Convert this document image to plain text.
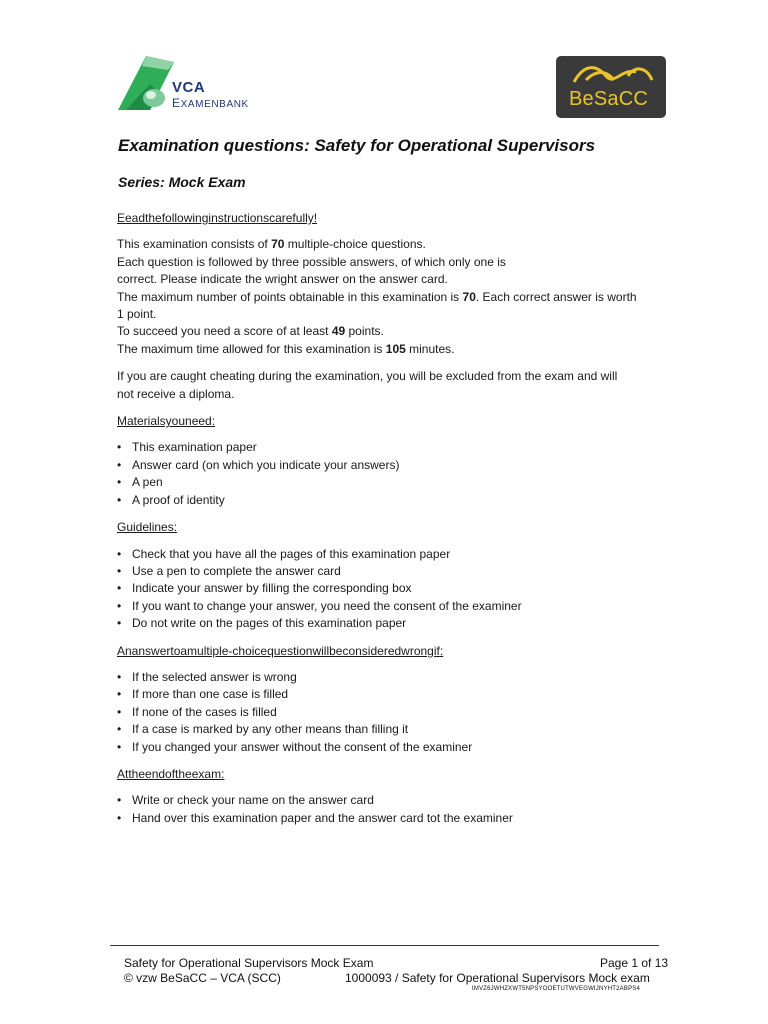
VCA
EXAMENBANK	BeSaCC
Examination questions: Safety for Operational Supervisors
Series: Mock Exam

Eeadthefollowinginstructionscarefully!

This examination consists of 70 multiple-choice questions.

Each question is followed by three possible answers, of which only one is

correct. Please indicate the wright answer on the answer card.

The maximum number of points obtainable in this examination is 70. Each correct answer is worth

1 point.

To succeed you need a score of at least 49 points.

The maximum time allowed for this examination is 105 minutes.

If you are caught cheating during the examination, you will be excluded from the exam and will

not receive a diploma.

Materialsyouneed:

• This examination paper
• Answer card (on which you indicate your answers)
• A pen
• A proof of identity

Guidelines:

• Check that you have all the pages of this examination paper
• Use a pen to complete the answer card
• Indicate your answer by filling the corresponding box
• If you want to change your answer, you need the consent of the examiner
• Do not write on the pages of this examination paper

Ananswertoamultiple-choicequestionwillbeconsideredwrongif:

• If the selected answer is wrong
• If more than one case is filled
• If none of the cases is filled
• If a case is marked by any other means than filling it
• If you changed your answer without the consent of the examiner

Attheendoftheexam:

• Write or check your name on the answer card
• Hand over this examination paper and the answer card tot the examiner
Safety for Operational Supervisors Mock Exam	Page 1 of 13
© vzw BeSaCC – VCA (SCC)	1000093 / Safety for Operational Supervisors Mock exam
tMVZ6JWHZXWT5NPSYOOETUTWVEGWIJNYHT2ABPS4
